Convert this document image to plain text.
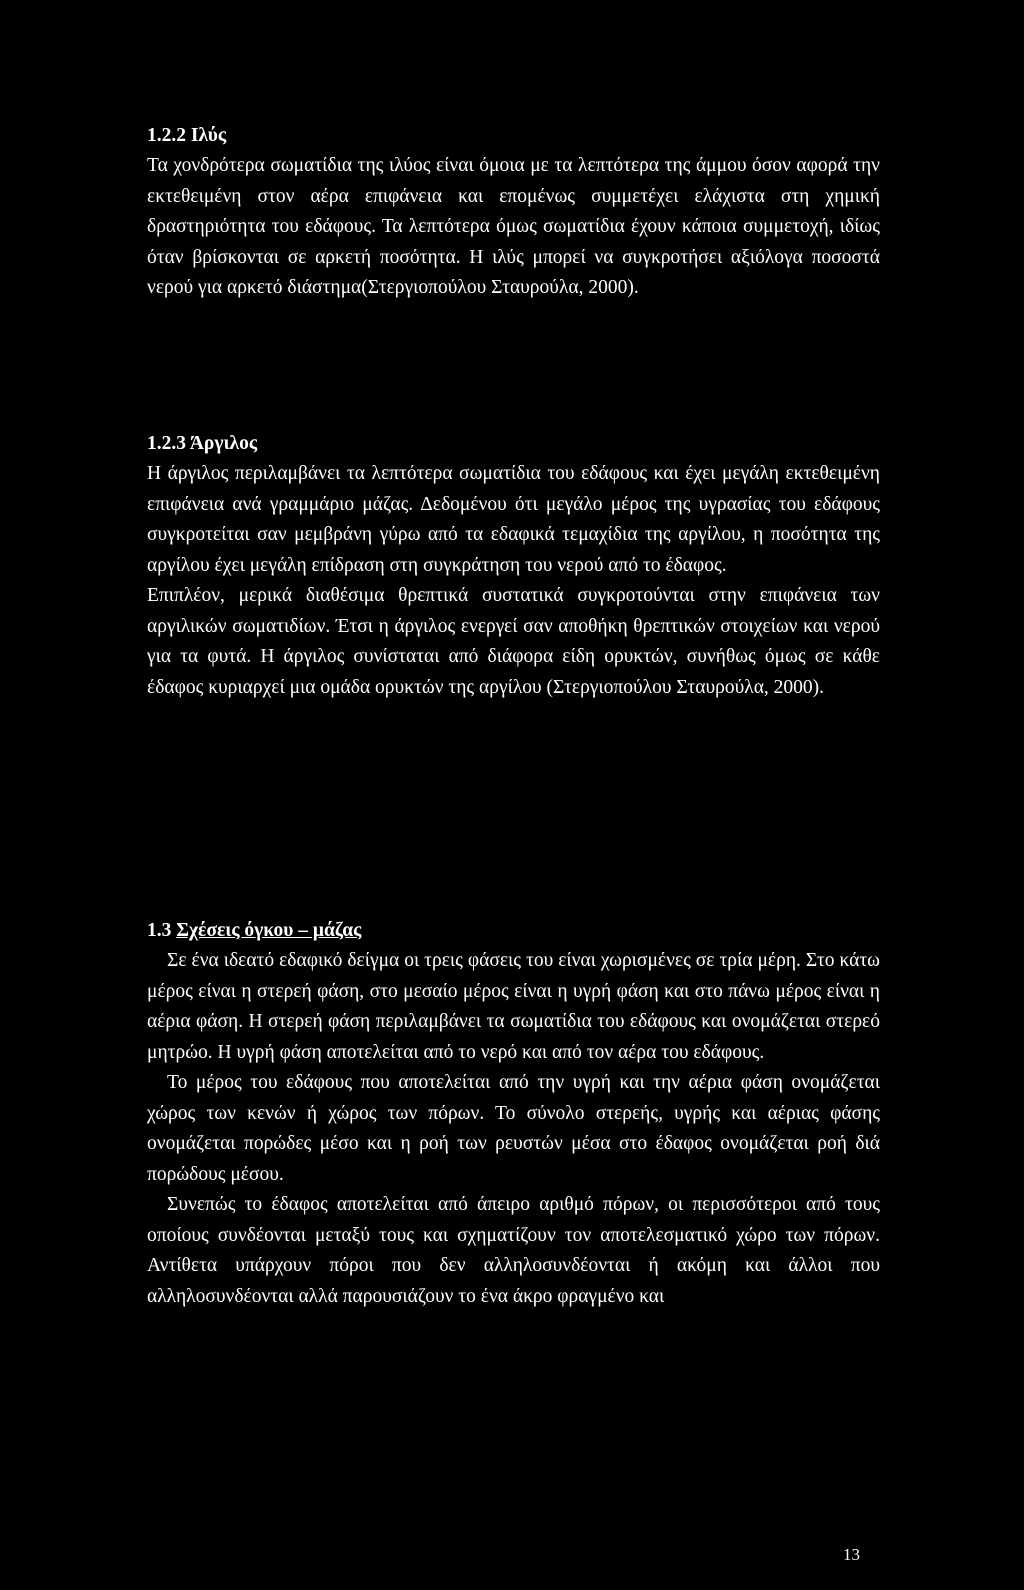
1.2.2 Ιλύς

Τα χονδρότερα σωματίδια της ιλύος είναι όμοια με τα λεπτότερα της άμμου όσον αφορά την εκτεθειμένη στον αέρα επιφάνεια και επομένως συμμετέχει ελάχιστα στη χημική δραστηριότητα του εδάφους. Τα λεπτότερα όμως σωματίδια έχουν κάποια συμμετοχή, ιδίως όταν βρίσκονται σε αρκετή ποσότητα. Η ιλύς μπορεί να συγκροτήσει αξιόλογα ποσοστά νερού για αρκετό διάστημα(Στεργιοπούλου Σταυρούλα, 2000).

1.2.3 Άργιλος

Η άργιλος περιλαμβάνει τα λεπτότερα σωματίδια του εδάφους και έχει μεγάλη εκτεθειμένη επιφάνεια ανά γραμμάριο μάζας. Δεδομένου ότι μεγάλο μέρος της υγρασίας του εδάφους συγκροτείται σαν μεμβράνη γύρω από τα εδαφικά τεμαχίδια της αργίλου, η ποσότητα της αργίλου έχει μεγάλη επίδραση στη συγκράτηση του νερού από το έδαφος.

Επιπλέον, μερικά διαθέσιμα θρεπτικά συστατικά συγκροτούνται στην επιφάνεια των αργιλικών σωματιδίων. Έτσι η άργιλος ενεργεί σαν αποθήκη θρεπτικών στοιχείων και νερού για τα φυτά. Η άργιλος συνίσταται από διάφορα είδη ορυκτών, συνήθως όμως σε κάθε έδαφος κυριαρχεί μια ομάδα ορυκτών της αργίλου (Στεργιοπούλου Σταυρούλα, 2000).

1.3 Σχέσεις όγκου – μάζας

Σε ένα ιδεατό εδαφικό δείγμα οι τρεις φάσεις του είναι χωρισμένες σε τρία μέρη. Στο κάτω μέρος είναι η στερεή φάση, στο μεσαίο μέρος είναι η υγρή φάση και στο πάνω μέρος είναι η αέρια φάση. Η στερεή φάση περιλαμβάνει τα σωματίδια του εδάφους και ονομάζεται στερεό μητρώο. Η υγρή φάση αποτελείται από το νερό και από τον αέρα του εδάφους.

Το μέρος του εδάφους που αποτελείται από την υγρή και την αέρια φάση ονομάζεται χώρος των κενών ή χώρος των πόρων. Το σύνολο στερεής, υγρής και αέριας φάσης ονομάζεται πορώδες μέσο και η ροή των ρευστών μέσα στο έδαφος ονομάζεται ροή διά πορώδους μέσου.

Συνεπώς το έδαφος αποτελείται από άπειρο αριθμό πόρων, οι περισσότεροι από τους οποίους συνδέονται μεταξύ τους και σχηματίζουν τον αποτελεσματικό χώρο των πόρων. Αντίθετα υπάρχουν πόροι που δεν αλληλοσυνδέονται ή ακόμη και άλλοι που αλληλοσυνδέονται αλλά παρουσιάζουν το ένα άκρο φραγμένο και

13
